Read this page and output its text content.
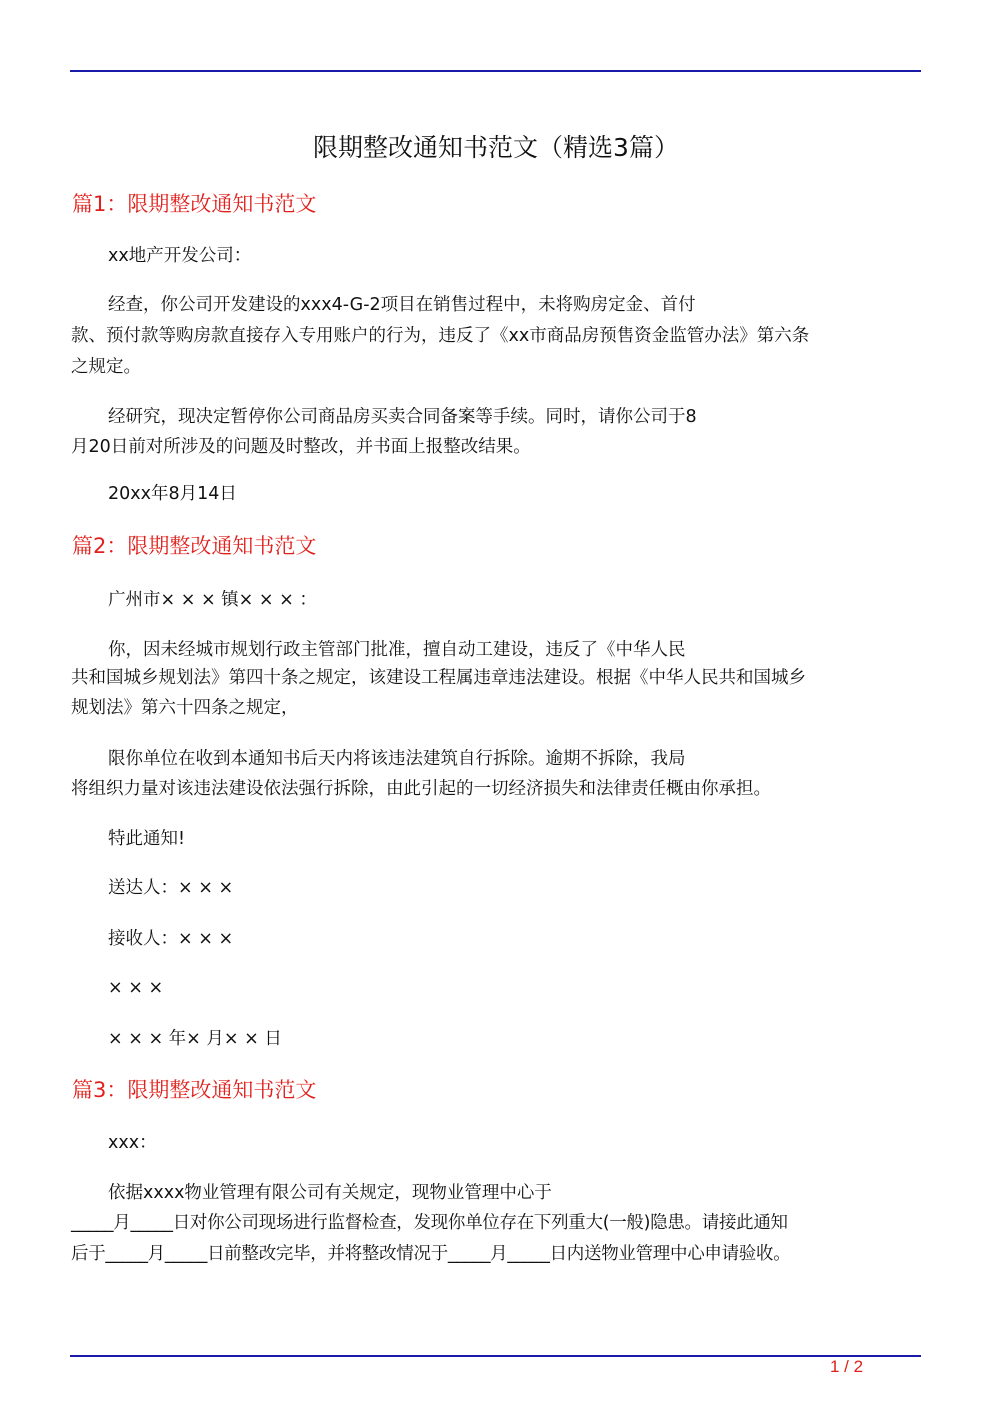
限期整改通知书范文（精选3篇）
篇1：限期整改通知书范文
xx地产开发公司：
经查，你公司开发建设的xxx4-G-2项目在销售过程中，未将购房定金、首付
款、预付款等购房款直接存入专用账户的行为，违反了《xx市商品房预售资金监管办法》第六条
之规定。
经研究，现决定暂停你公司商品房买卖合同备案等手续。同时，请你公司于8
月20日前对所涉及的问题及时整改，并书面上报整改结果。
20xx年8月14日
篇2：限期整改通知书范文
广州市× × × 镇× × × ：
你，因未经城市规划行政主管部门批准，擅自动工建设，违反了《中华人民
共和国城乡规划法》第四十条之规定，该建设工程属违章违法建设。根据《中华人民共和国城乡
规划法》第六十四条之规定，
限你单位在收到本通知书后天内将该违法建筑自行拆除。逾期不拆除，我局
将组织力量对该违法建设依法强行拆除，由此引起的一切经济损失和法律责任概由你承担。
特此通知!
送达人：× × ×
接收人：× × ×
× × ×
× × × 年× 月× × 日
篇3：限期整改通知书范文
xxx：
依据xxxx物业管理有限公司有关规定，现物业管理中心于
_____月_____日对你公司现场进行监督检查，发现你单位存在下列重大(一般)隐患。请接此通知
后于_____月_____日前整改完毕，并将整改情况于_____月_____日内送物业管理中心申请验收。
1 / 2
